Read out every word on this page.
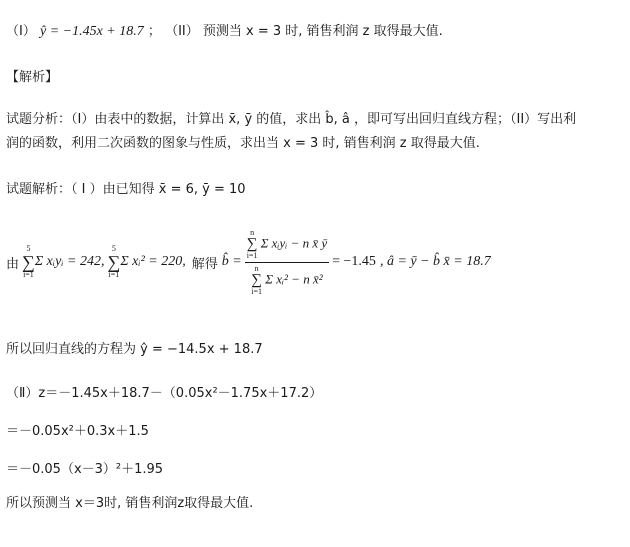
（I） ŷ = −1.45x + 18.7 ； （II） 预测当 x = 3 时, 销售利润 z 取得最大值.
【解析】
试题分析：（I）由表中的数据，计算出 x̄, ȳ 的值，求出 b̂, â ，即可写出回归直线方程；（II）写出利
润的函数，利用二次函数的图象与性质，求出当 x = 3 时, 销售利润 z 取得最大值.
试题解析：（ I ）由已知得 x̄ = 6, ȳ = 10
由
5
∑
i=1
Σ xᵢyᵢ = 242,
5
∑
i=1
Σ xᵢ² = 220, 解得 b̂ = n
∑
i=1
Σ xᵢyᵢ − n x̄ ȳ
n
∑
i=1
Σ xᵢ² − n x̄² = −1.45 , â = ȳ − b̂ x̄ = 18.7
所以回归直线的方程为 ŷ = −14.5x + 18.7
（Ⅱ）z＝－1.45x＋18.7－（0.05x²－1.75x＋17.2）
＝－0.05x²＋0.3x＋1.5
＝－0.05（x－3）²＋1.95
所以预测当 x＝3时, 销售利润z取得最大值.
